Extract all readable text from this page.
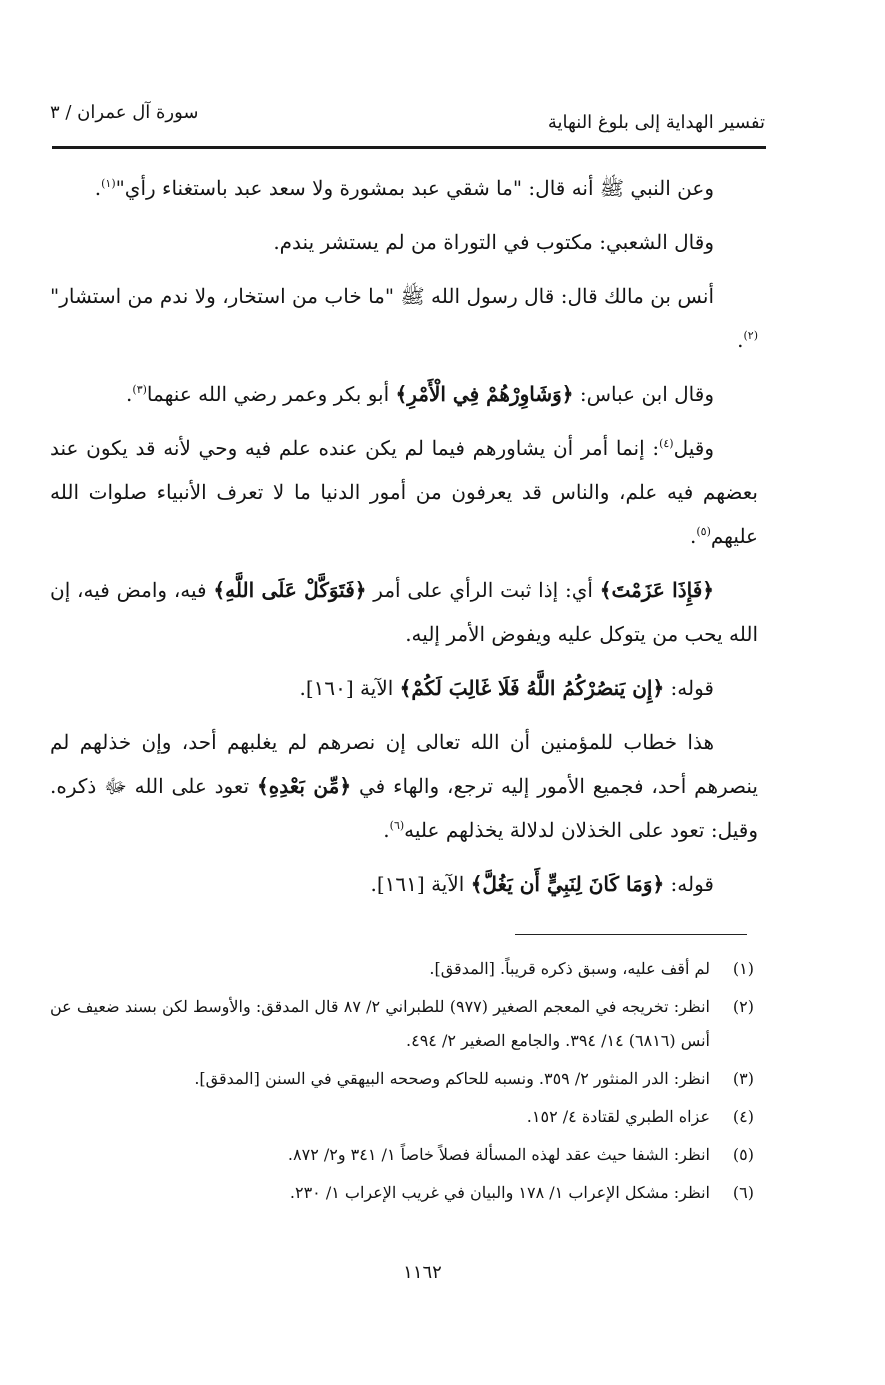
تفسير الهداية إلى بلوغ النهاية
سورة آل عمران / ٣

وعن النبي ﷺ أنه قال: "ما شقي عبد بمشورة ولا سعد عبد باستغناء رأي"$^{(١)}$.

وقال الشعبي: مكتوب في التوراة من لم يستشر يندم.

أنس بن مالك قال: قال رسول الله ﷺ "ما خاب من استخار، ولا ندم من استشار"$^{(٢)}$.

وقال ابن عباس: ﴿وَشَاوِرْهُمْ فِي الْأَمْرِ﴾ أبو بكر وعمر رضي الله عنهما$^{(٣)}$.

وقيل$^{(٤)}$: إنما أمر أن يشاورهم فيما لم يكن عنده علم فيه وحي لأنه قد يكون عند بعضهم فيه علم، والناس قد يعرفون من أمور الدنيا ما لا تعرف الأنبياء صلوات الله عليهم$^{(٥)}$.

﴿فَإِذَا عَزَمْتَ﴾ أي: إذا ثبت الرأي على أمر ﴿فَتَوَكَّلْ عَلَى اللَّهِ﴾ فيه، وامض فيه، إن الله يحب من يتوكل عليه ويفوض الأمر إليه.

قوله: ﴿إِن يَنصُرْكُمُ اللَّهُ فَلَا غَالِبَ لَكُمْ﴾ الآية [١٦٠].

هذا خطاب للمؤمنين أن الله تعالى إن نصرهم لم يغلبهم أحد، وإن خذلهم لم ينصرهم أحد، فجميع الأمور إليه ترجع، والهاء في ﴿مِّن بَعْدِهِ﴾ تعود على الله ﷻ ذكره. وقيل: تعود على الخذلان لدلالة يخذلهم عليه$^{(٦)}$.

قوله: ﴿وَمَا كَانَ لِنَبِيٍّ أَن يَغُلَّ﴾ الآية [١٦١].

(١)
لم أقف عليه، وسبق ذكره قريباً. [المدقق].
(٢)
انظر: تخريجه في المعجم الصغير (٩٧٧) للطبراني ٢/ ٨٧ قال المدقق: والأوسط لكن بسند ضعيف عن أنس (٦٨١٦) ١٤/ ٣٩٤. والجامع الصغير ٢/ ٤٩٤.
(٣)
انظر: الدر المنثور ٢/ ٣٥٩. ونسبه للحاكم وصححه البيهقي في السنن [المدقق].
(٤)
عزاه الطبري لقتادة ٤/ ١٥٢.
(٥)
انظر: الشفا حيث عقد لهذه المسألة فصلاً خاصاً ١/ ٣٤١ و٢/ ٨٧٢.
(٦)
انظر: مشكل الإعراب ١/ ١٧٨ والبيان في غريب الإعراب ١/ ٢٣٠.
١١٦٢
